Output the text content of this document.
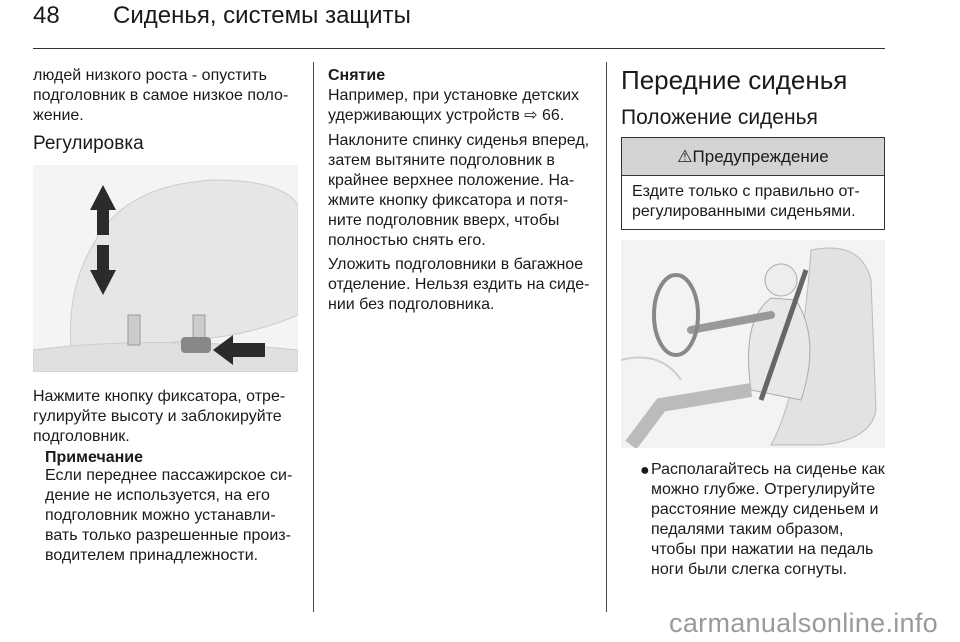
48 Сиденья, системы защиты
людей низкого роста - опустить
подголовник в самое низкое поло-
жение.
Регулировка
Нажмите кнопку фиксатора, отре-
гулируйте высоту и заблокируйте
подголовник.
Примечание
Если переднее пассажирское си-
дение не используется, на его
подголовник можно устанавли-
вать только разрешенные произ-
водителем принадлежности.
Снятие
Например, при установке детских
удерживающих устройств ⇨ 66.
Наклоните спинку сиденья вперед,
затем вытяните подголовник в
крайнее верхнее положение. На-
жмите кнопку фиксатора и потя-
ните подголовник вверх, чтобы
полностью снять его.
Уложить подголовники в багажное
отделение. Нельзя ездить на сиде-
нии без подголовника.
Передние сиденья
Положение сиденья
⚠Предупреждение
Ездите только с правильно от-
регулированными сиденьями.
● Располагайтесь на сиденье как
можно глубже. Отрегулируйте
расстояние между сиденьем и
педалями таким образом,
чтобы при нажатии на педаль
ноги были слегка согнуты.
carmanualsonline.info
